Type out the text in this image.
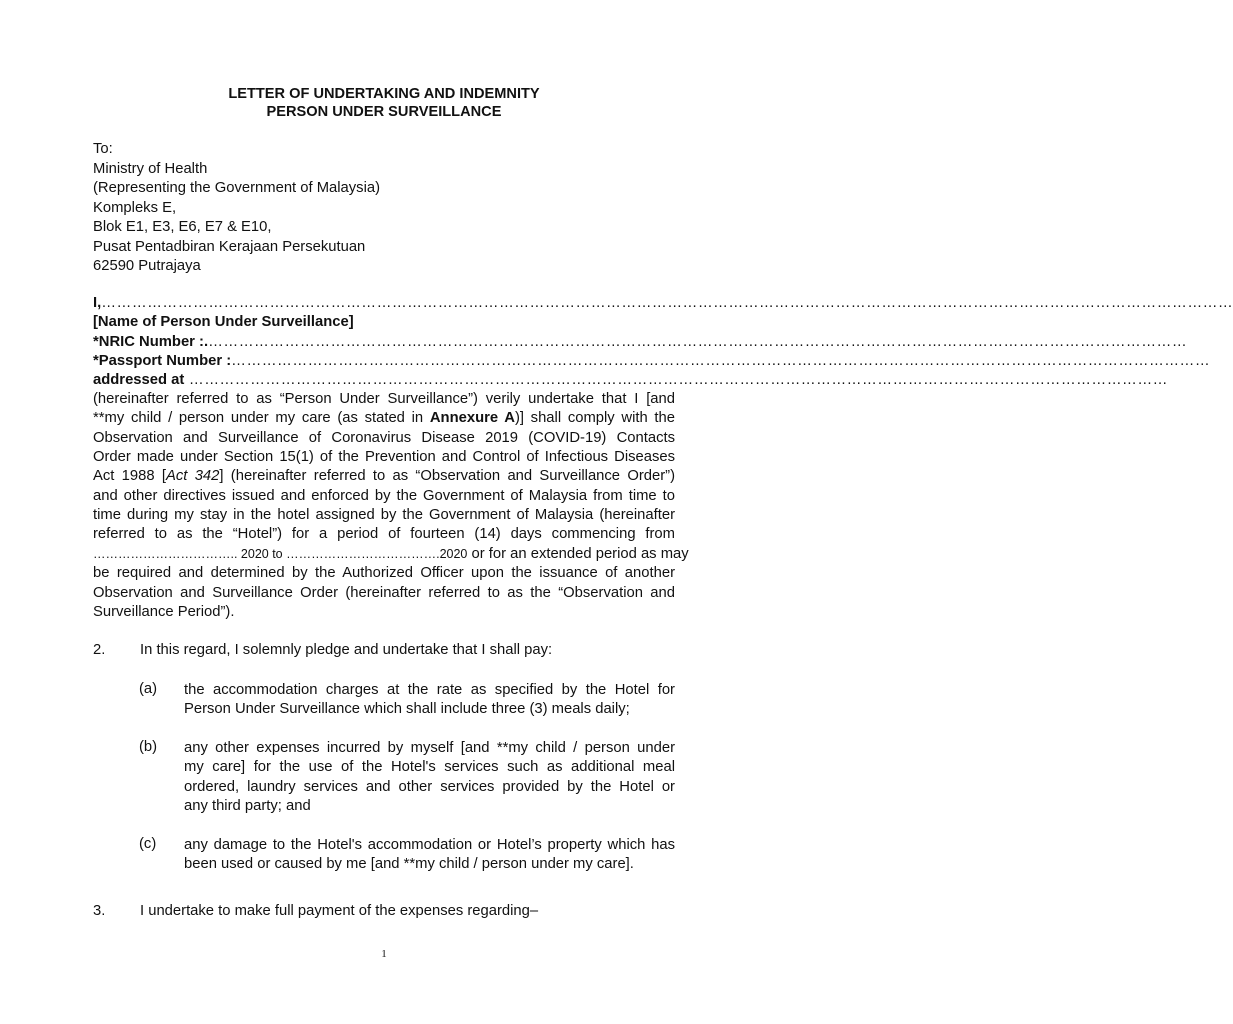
LETTER OF UNDERTAKING AND INDEMNITY
PERSON UNDER SURVEILLANCE
To:
Ministry of Health
(Representing the Government of Malaysia)
Kompleks E,
Blok E1, E3, E6, E7 & E10,
Pusat Pentadbiran Kerajaan Persekutuan
62590 Putrajaya
I,……………………………………………………………………………………………………………………………………………………………………………………………………
[Name of Person Under Surveillance]
*NRIC Number :.…………………………………………………………………………………………………………………………………………………………………………
*Passport Number :…………………………………………………………………………………………………………………………………………………………………………
addressed at …………………………………………………………………………………………………………………………………………………………………………
(hereinafter referred to as “Person Under Surveillance”) verily undertake that I [and
**my child / person under my care (as stated in Annexure A)] shall comply with the
Observation and Surveillance of Coronavirus Disease 2019 (COVID-19) Contacts
Order made under Section 15(1) of the Prevention and Control of Infectious Diseases
Act 1988 [Act 342] (hereinafter referred to as “Observation and Surveillance Order”)
and other directives issued and enforced by the Government of Malaysia from time to
time during my stay in the hotel assigned by the Government of Malaysia (hereinafter
referred to as the “Hotel”) for a period of fourteen (14) days commencing from
…………………………….. 2020 to ……………………………….2020 or for an extended period as may
be required and determined by the Authorized Officer upon the issuance of another
Observation and Surveillance Order (hereinafter referred to as the “Observation and
Surveillance Period”).
2. In this regard, I solemnly pledge and undertake that I shall pay:
(a) the accommodation charges at the rate as specified by the Hotel for
Person Under Surveillance which shall include three (3) meals daily;
(b) any other expenses incurred by myself [and **my child / person under
my care] for the use of the Hotel's services such as additional meal
ordered, laundry services and other services provided by the Hotel or
any third party; and
(c) any damage to the Hotel's accommodation or Hotel’s property which has
been used or caused by me [and **my child / person under my care].
3. I undertake to make full payment of the expenses regarding–
1
